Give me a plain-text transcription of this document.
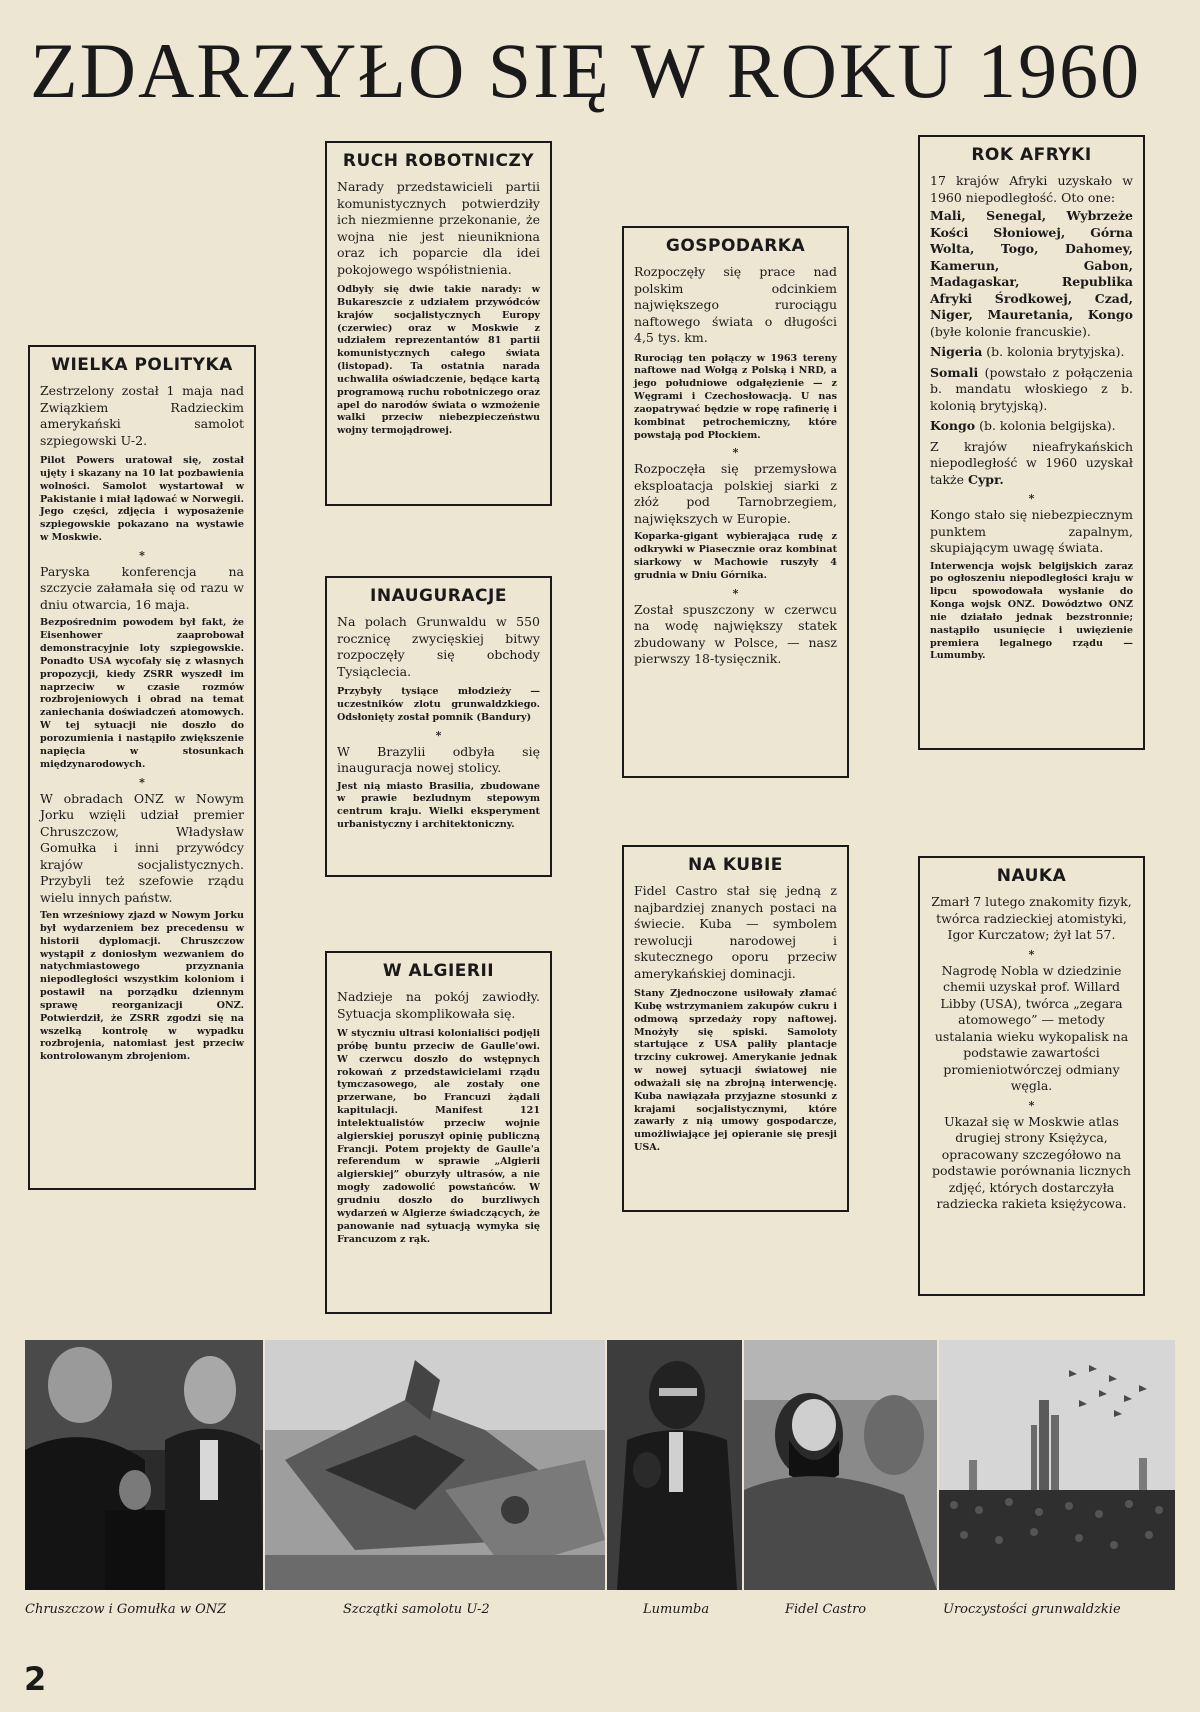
ZDARZYŁO SIĘ W ROKU 1960
WIELKA POLITYKA

Zestrzelony został 1 maja nad Związkiem Radzieckim amerykański samolot szpiegowski U-2.

Pilot Powers uratował się, został ujęty i skazany na 10 lat pozbawienia wolności. Samolot wystartował w Pakistanie i miał lądować w Norwegii. Jego części, zdjęcia i wyposażenie szpiegowskie pokazano na wystawie w Moskwie.

*

Paryska konferencja na szczycie załamała się od razu w dniu otwarcia, 16 maja.

Bezpośrednim powodem był fakt, że Eisenhower zaaprobował demonstracyjnie loty szpiegowskie. Ponadto USA wycofały się z własnych propozycji, kiedy ZSRR wyszedł im naprzeciw w czasie rozmów rozbrojeniowych i obrad na temat zaniechania doświadczeń atomowych. W tej sytuacji nie doszło do porozumienia i nastąpiło zwiększenie napięcia w stosunkach międzynarodowych.

*

W obradach ONZ w Nowym Jorku wzięli udział premier Chruszczow, Władysław Gomułka i inni przywódcy krajów socjalistycznych. Przybyli też szefowie rządu wielu innych państw.

Ten wrześniowy zjazd w Nowym Jorku był wydarzeniem bez precedensu w historii dyplomacji. Chruszczow wystąpił z doniosłym wezwaniem do natychmiastowego przyznania niepodległości wszystkim koloniom i postawił na porządku dziennym sprawę reorganizacji ONZ. Potwierdził, że ZSRR zgodzi się na wszelką kontrolę w wypadku rozbrojenia, natomiast jest przeciw kontrolowanym zbrojeniom.

RUCH ROBOTNICZY

Narady przedstawicieli partii komunistycznych potwierdziły ich niezmienne przekonanie, że wojna nie jest nieunikniona oraz ich poparcie dla idei pokojowego współistnienia.

Odbyły się dwie takie narady: w Bukareszcie z udziałem przywódców krajów socjalistycznych Europy (czerwiec) oraz w Moskwie z udziałem reprezentantów 81 partii komunistycznych całego świata (listopad). Ta ostatnia narada uchwaliła oświadczenie, będące kartą programową ruchu robotniczego oraz apel do narodów świata o wzmożenie walki przeciw niebezpieczeństwu wojny termojądrowej.

INAUGURACJE

Na polach Grunwaldu w 550 rocznicę zwycięskiej bitwy rozpoczęły się obchody Tysiąclecia.

Przybyły tysiące młodzieży — uczestników zlotu grunwaldzkiego. Odsłonięty został pomnik (Bandury)

*

W Brazylii odbyła się inauguracja nowej stolicy.

Jest nią miasto Brasilia, zbudowane w prawie bezludnym stepowym centrum kraju. Wielki eksperyment urbanistyczny i architektoniczny.

W ALGIERII

Nadzieje na pokój zawiodły. Sytuacja skomplikowała się.

W styczniu ultrasi kolonialiści podjęli próbę buntu przeciw de Gaulle'owi. W czerwcu doszło do wstępnych rokowań z przedstawicielami rządu tymczasowego, ale zostały one przerwane, bo Francuzi żądali kapitulacji. Manifest 121 intelektualistów przeciw wojnie algierskiej poruszył opinię publiczną Francji. Potem projekty de Gaulle'a referendum w sprawie „Algierii algierskiej” oburzyły ultrasów, a nie mogły zadowolić powstańców. W grudniu doszło do burzliwych wydarzeń w Algierze świadczących, że panowanie nad sytuacją wymyka się Francuzom z rąk.

GOSPODARKA

Rozpoczęły się prace nad polskim odcinkiem największego rurociągu naftowego świata o długości 4,5 tys. km.

Rurociąg ten połączy w 1963 tereny naftowe nad Wołgą z Polską i NRD, a jego południowe odgałęzienie — z Węgrami i Czechosłowacją. U nas zaopatrywać będzie w ropę rafinerię i kombinat petrochemiczny, które powstają pod Płockiem.

*

Rozpoczęła się przemysłowa eksploatacja polskiej siarki z złóż pod Tarnobrzegiem, największych w Europie.

Koparka-gigant wybierająca rudę z odkrywki w Piasecznie oraz kombinat siarkowy w Machowie ruszyły 4 grudnia w Dniu Górnika.

*

Został spuszczony w czerwcu na wodę największy statek zbudowany w Polsce, — nasz pierwszy 18-tysięcznik.

NA KUBIE

Fidel Castro stał się jedną z najbardziej znanych postaci na świecie. Kuba — symbolem rewolucji narodowej i skutecznego oporu przeciw amerykańskiej dominacji.

Stany Zjednoczone usiłowały złamać Kubę wstrzymaniem zakupów cukru i odmową sprzedaży ropy naftowej. Mnożyły się spiski. Samoloty startujące z USA paliły plantacje trzciny cukrowej. Amerykanie jednak w nowej sytuacji światowej nie odważali się na zbrojną interwencję. Kuba nawiązała przyjazne stosunki z krajami socjalistycznymi, które zawarły z nią umowy gospodarcze, umożliwiające jej opieranie się presji USA.

ROK AFRYKI

17 krajów Afryki uzyskało w 1960 niepodległość. Oto one:

Mali, Senegal, Wybrzeże Kości Słoniowej, Górna Wolta, Togo, Dahomey, Kamerun, Gabon, Madagaskar, Republika Afryki Środkowej, Czad, Niger, Mauretania, Kongo (byłe kolonie francuskie).

Nigeria (b. kolonia brytyjska).

Somali (powstało z połączenia b. mandatu włoskiego z b. kolonią brytyjską).

Kongo (b. kolonia belgijska).

Z krajów nieafrykańskich niepodległość w 1960 uzyskał także Cypr.

*

Kongo stało się niebezpiecznym punktem zapalnym, skupiającym uwagę świata.

Interwencja wojsk belgijskich zaraz po ogłoszeniu niepodległości kraju w lipcu spowodowała wysłanie do Konga wojsk ONZ. Dowództwo ONZ nie działało jednak bezstronnie; nastąpiło usunięcie i uwięzienie premiera legalnego rządu — Lumumby.

NAUKA

Zmarł 7 lutego znakomity fizyk, twórca radzieckiej atomistyki, Igor Kurczatow; żył lat 57.

*

Nagrodę Nobla w dziedzinie chemii uzyskał prof. Willard Libby (USA), twórca „zegara atomowego” — metody ustalania wieku wykopalisk na podstawie zawartości promieniotwórczej odmiany węgla.

*

Ukazał się w Moskwie atlas drugiej strony Księżyca, opracowany szczegółowo na podstawie porównania licznych zdjęć, których dostarczyła radziecka rakieta księżycowa.

Chruszczow i Gomułka w ONZ	Szczątki samolotu U-2	Lumumba	Fidel Castro	Uroczystości grunwaldzkie
2
